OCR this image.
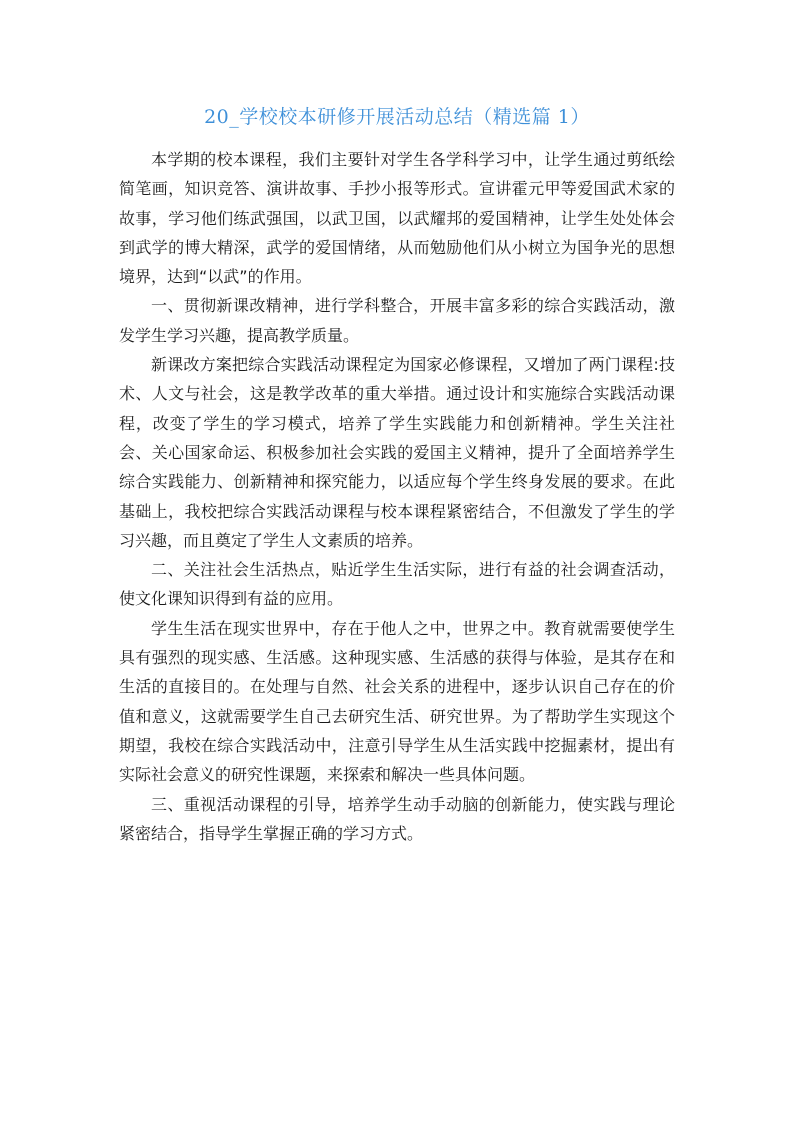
20_学校校本研修开展活动总结（精选篇 1）

本学期的校本课程，我们主要针对学生各学科学习中，让学生通过剪纸绘简笔画，知识竞答、演讲故事、手抄小报等形式。宣讲霍元甲等爱国武术家的故事，学习他们练武强国，以武卫国，以武耀邦的爱国精神，让学生处处体会到武学的博大精深，武学的爱国情绪，从而勉励他们从小树立为国争光的思想境界，达到“以武”的作用。

一、贯彻新课改精神，进行学科整合，开展丰富多彩的综合实践活动，激发学生学习兴趣，提高教学质量。

新课改方案把综合实践活动课程定为国家必修课程，又增加了两门课程:技术、人文与社会，这是教学改革的重大举措。通过设计和实施综合实践活动课程，改变了学生的学习模式，培养了学生实践能力和创新精神。学生关注社会、关心国家命运、积极参加社会实践的爱国主义精神，提升了全面培养学生综合实践能力、创新精神和探究能力，以适应每个学生终身发展的要求。在此基础上，我校把综合实践活动课程与校本课程紧密结合，不但激发了学生的学习兴趣，而且奠定了学生人文素质的培养。

二、关注社会生活热点，贴近学生生活实际，进行有益的社会调查活动，使文化课知识得到有益的应用。

学生生活在现实世界中，存在于他人之中，世界之中。教育就需要使学生具有强烈的现实感、生活感。这种现实感、生活感的获得与体验，是其存在和生活的直接目的。在处理与自然、社会关系的进程中，逐步认识自己存在的价值和意义，这就需要学生自己去研究生活、研究世界。为了帮助学生实现这个期望，我校在综合实践活动中，注意引导学生从生活实践中挖掘素材，提出有实际社会意义的研究性课题，来探索和解决一些具体问题。

三、重视活动课程的引导，培养学生动手动脑的创新能力，使实践与理论紧密结合，指导学生掌握正确的学习方式。
